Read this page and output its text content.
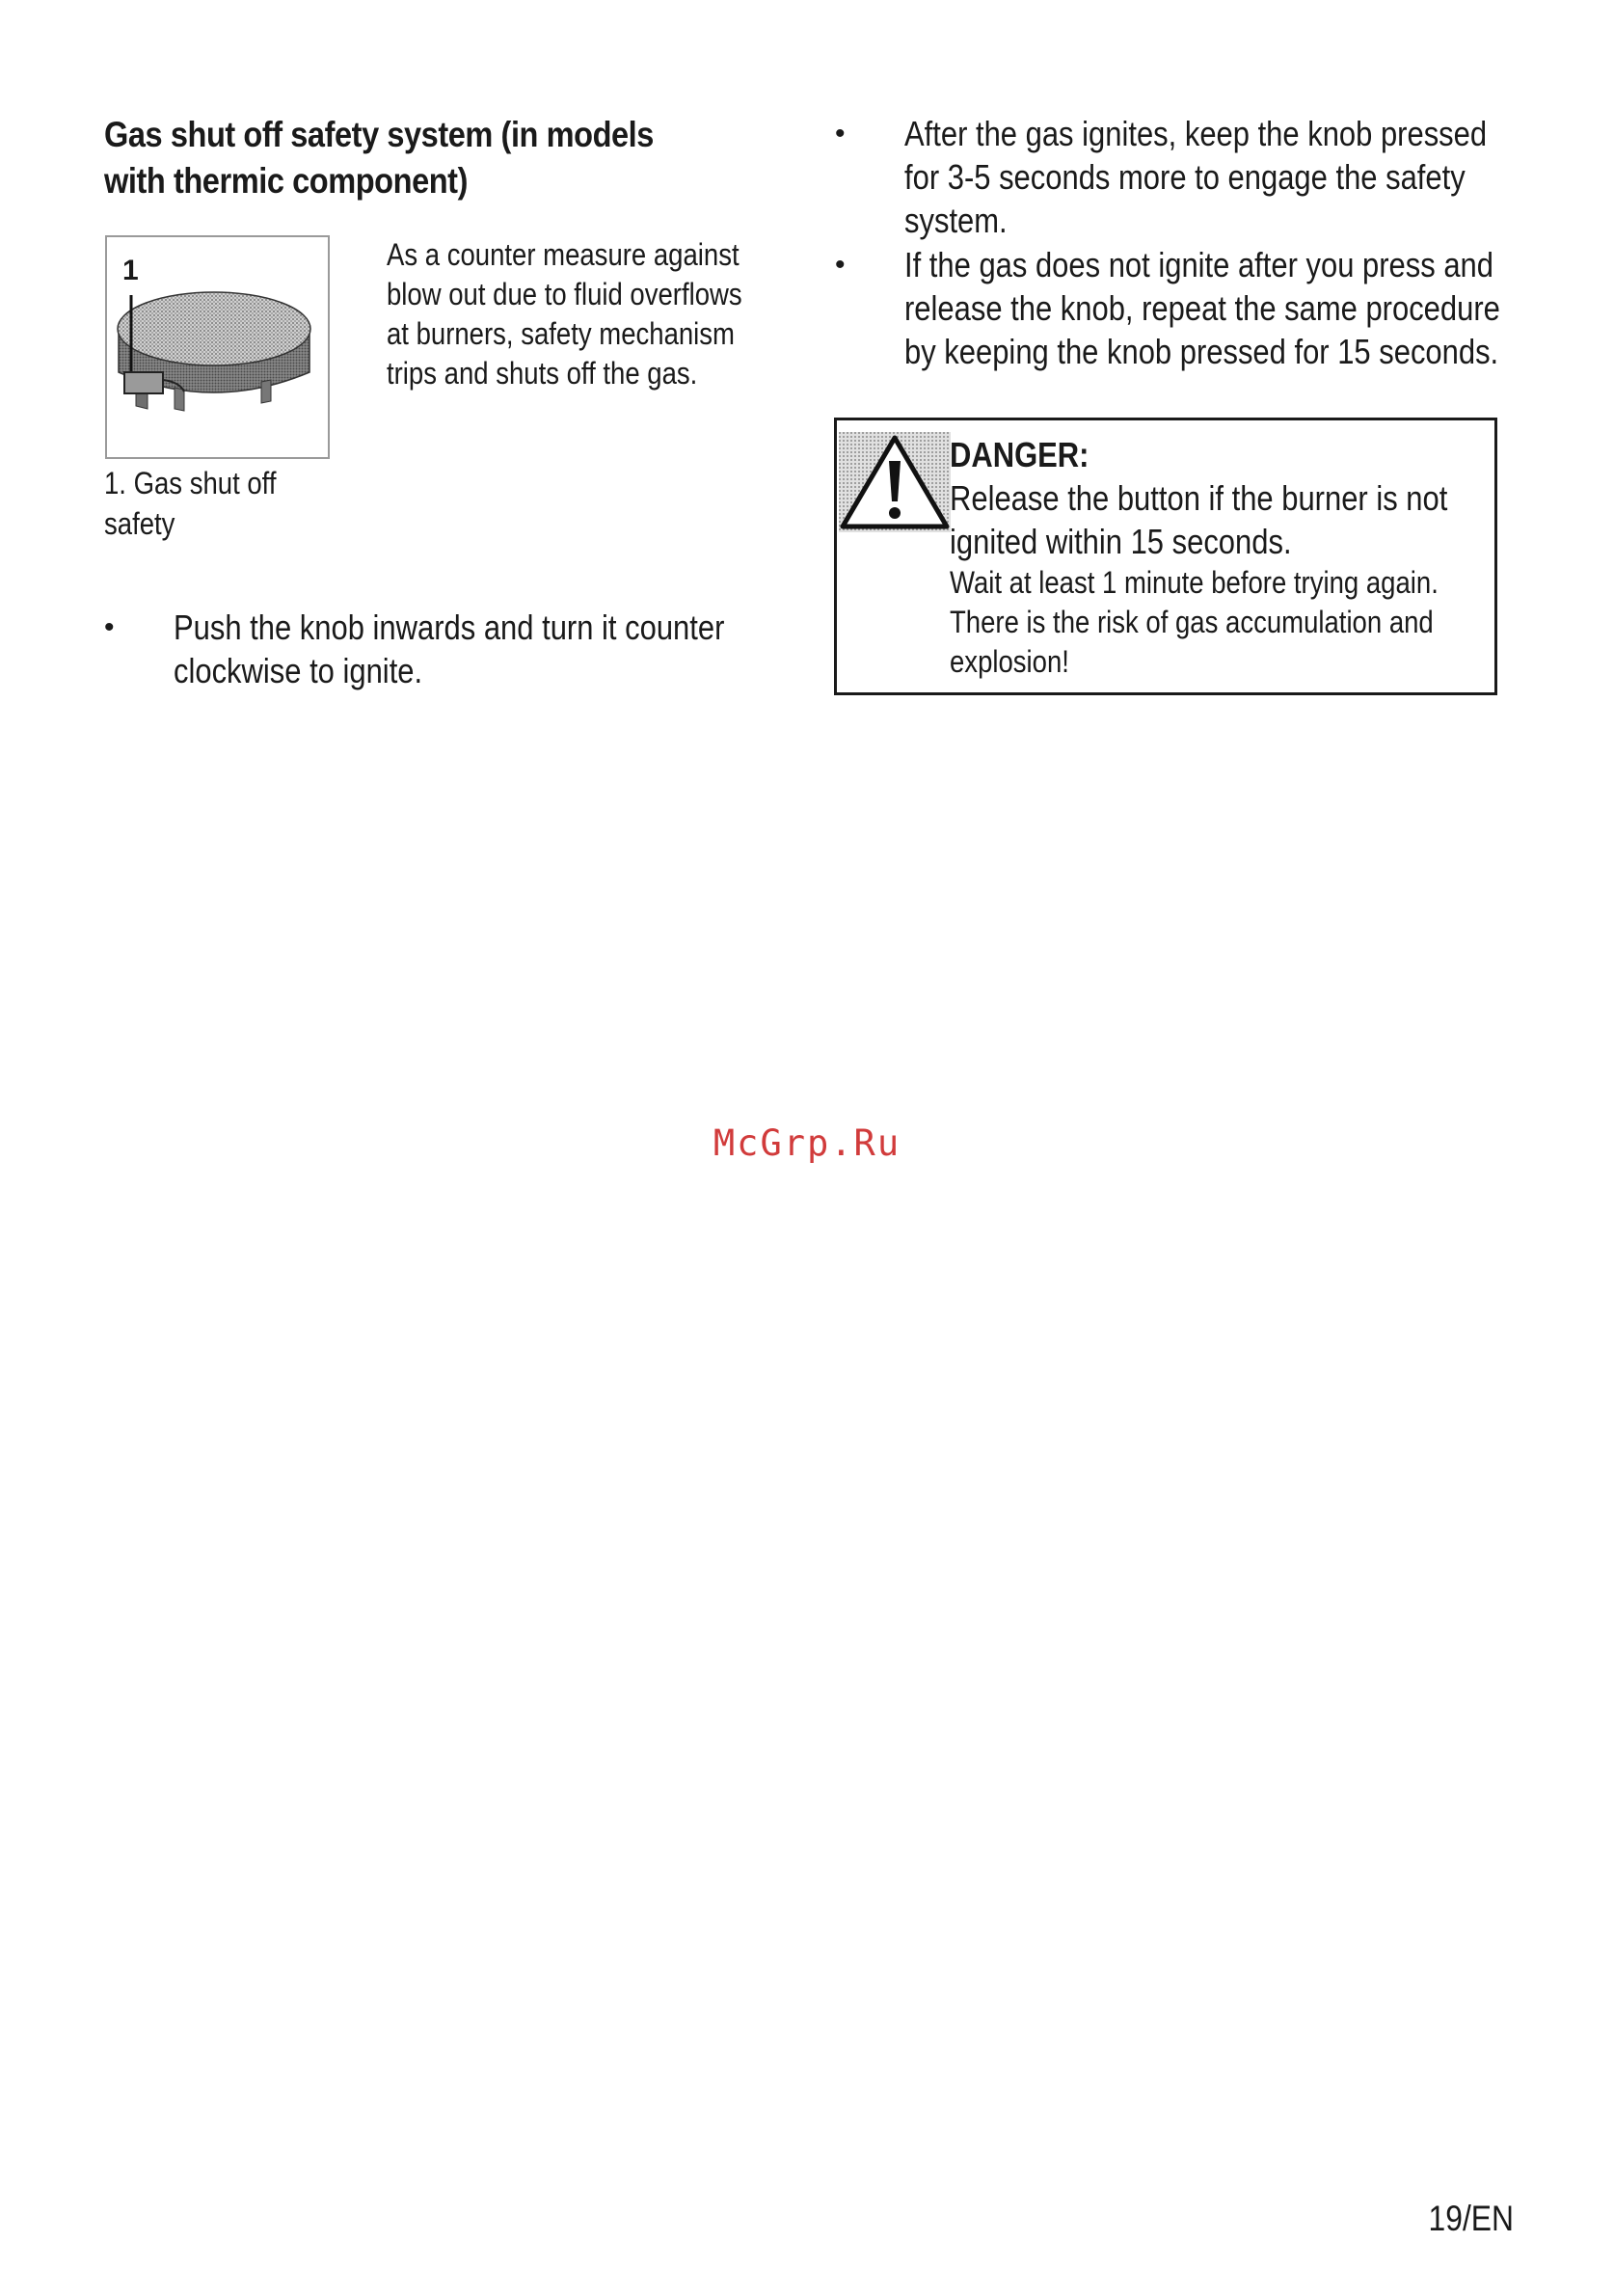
Gas shut off safety system (in models with thermic component)
1	As a counter measure against blow out due to fluid overflows at burners, safety mechanism trips and shuts off the gas.
1. Gas shut off safety
• Push the knob inwards and turn it counter clockwise to ignite.
• After the gas ignites, keep the knob pressed for 3-5 seconds more to engage the safety system.
• If the gas does not ignite after you press and release the knob, repeat the same procedure by keeping the knob pressed for 15 seconds.
DANGER:
Release the button if the burner is not ignited within 15 seconds.
Wait at least 1 minute before trying again. There is the risk of gas accumulation and explosion!
McGrp.Ru
19/EN
